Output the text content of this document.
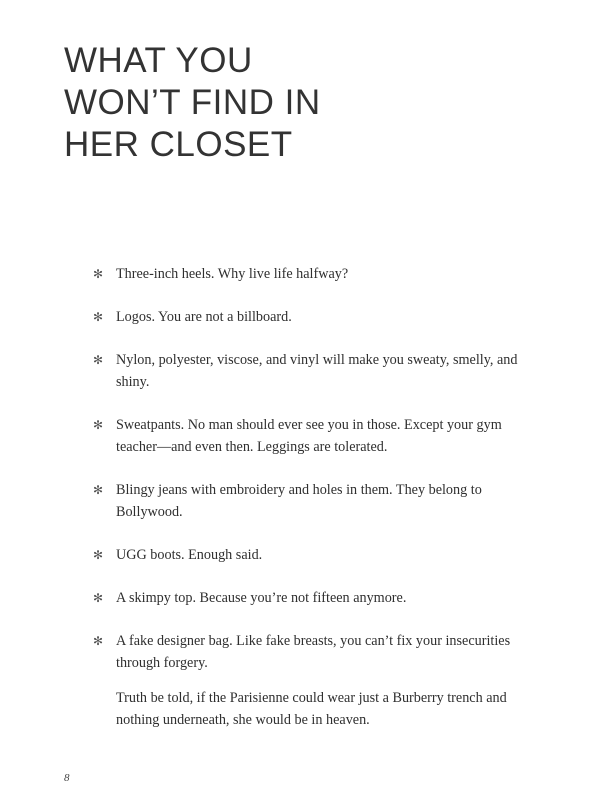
WHAT YOU
WON’T FIND IN
HER CLOSET
✻ Three-inch heels. Why live life halfway?
✻ Logos. You are not a billboard.
✻ Nylon, polyester, viscose, and vinyl will make you sweaty, smelly, and shiny.
✻ Sweatpants. No man should ever see you in those. Except your gym teacher—and even then. Leggings are tolerated.
✻ Blingy jeans with embroidery and holes in them. They belong to Bollywood.
✻ UGG boots. Enough said.
✻ A skimpy top. Because you’re not fifteen anymore.
✻ A fake designer bag. Like fake breasts, you can’t fix your insecurities through forgery.

Truth be told, if the Parisienne could wear just a Burberry trench and nothing underneath, she would be in heaven.

8
